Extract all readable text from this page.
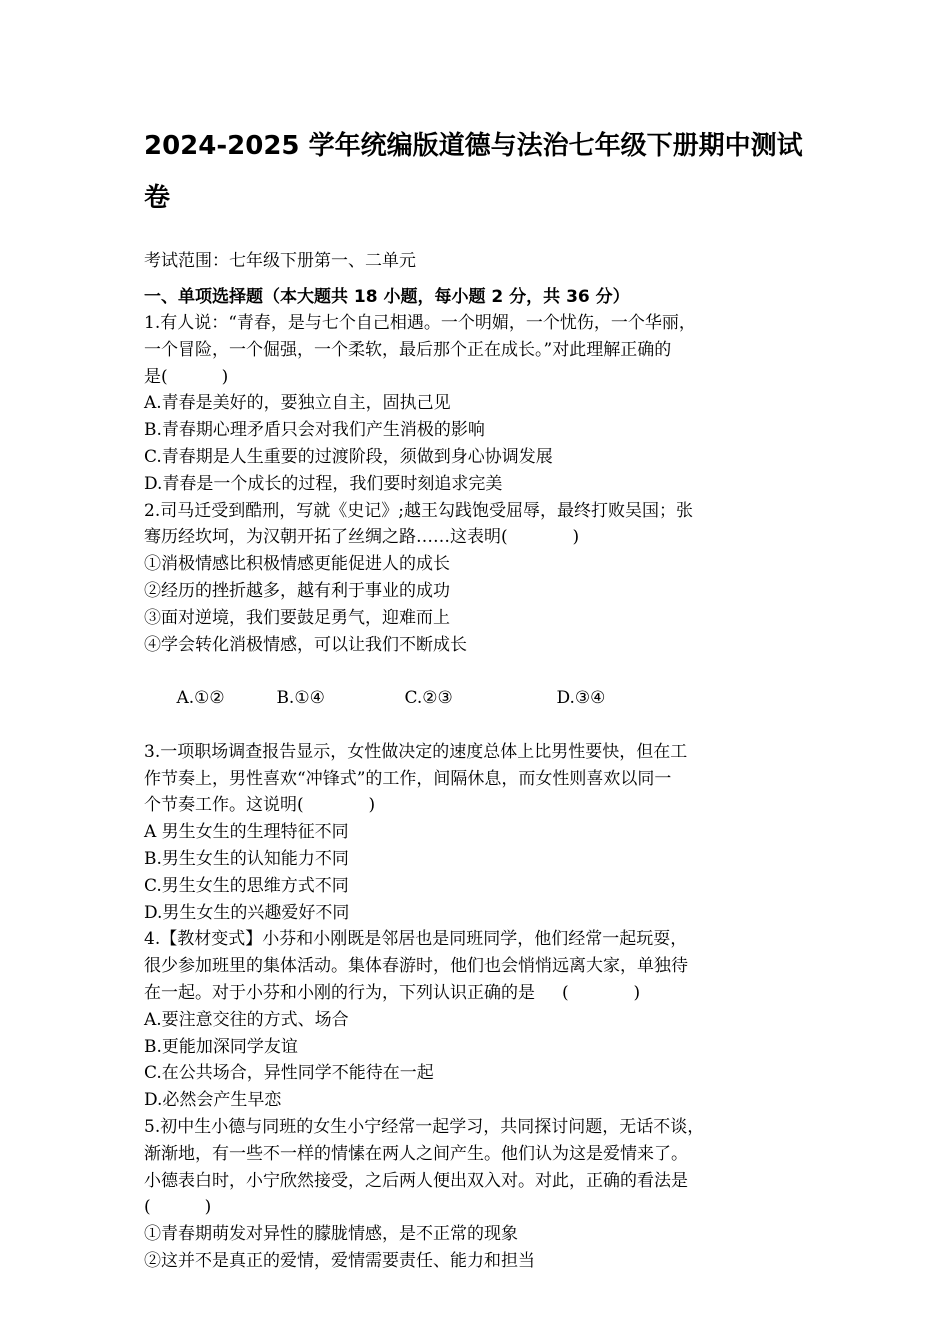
2024-2025 学年统编版道德与法治七年级下册期中测试卷
考试范围：七年级下册第一、二单元
一、单项选择题（本大题共 18 小题，每小题 2 分，共 36 分）
1.有人说：“青春，是与七个自己相遇。一个明媚，一个忧伤，一个华丽，
一个冒险，一个倔强，一个柔软，最后那个正在成长。”对此理解正确的
是(          )
A.青春是美好的，要独立自主，固执己见
B.青春期心理矛盾只会对我们产生消极的影响
C.青春期是人生重要的过渡阶段，须做到身心协调发展
D.青春是一个成长的过程，我们要时刻追求完美
2.司马迁受到酷刑，写就《史记》;越王勾践饱受屈辱，最终打败吴国；张
骞历经坎坷，为汉朝开拓了丝绸之路……这表明(            )
①消极情感比积极情感更能促进人的成长
②经历的挫折越多，越有利于事业的成功
③面对逆境，我们要鼓足勇气，迎难而上
④学会转化消极情感，可以让我们不断成长

A.①②	B.①④	C.②③	D.③④

3.一项职场调查报告显示，女性做决定的速度总体上比男性要快，但在工
作节奏上，男性喜欢“冲锋式”的工作，间隔休息，而女性则喜欢以同一
个节奏工作。这说明(            )
A 男生女生的生理特征不同
B.男生女生的认知能力不同
C.男生女生的思维方式不同
D.男生女生的兴趣爱好不同
4.【教材变式】小芬和小刚既是邻居也是同班同学，他们经常一起玩耍，
很少参加班里的集体活动。集体春游时，他们也会悄悄远离大家，单独待
在一起。对于小芬和小刚的行为，下列认识正确的是     (            )
A.要注意交往的方式、场合
B.更能加深同学友谊
C.在公共场合，异性同学不能待在一起
D.必然会产生早恋
5.初中生小德与同班的女生小宁经常一起学习，共同探讨问题，无话不谈，
渐渐地，有一些不一样的情愫在两人之间产生。他们认为这是爱情来了。
小德表白时，小宁欣然接受，之后两人便出双入对。对此，正确的看法是
(          )
①青春期萌发对异性的朦胧情感，是不正常的现象
②这并不是真正的爱情，爱情需要责任、能力和担当
